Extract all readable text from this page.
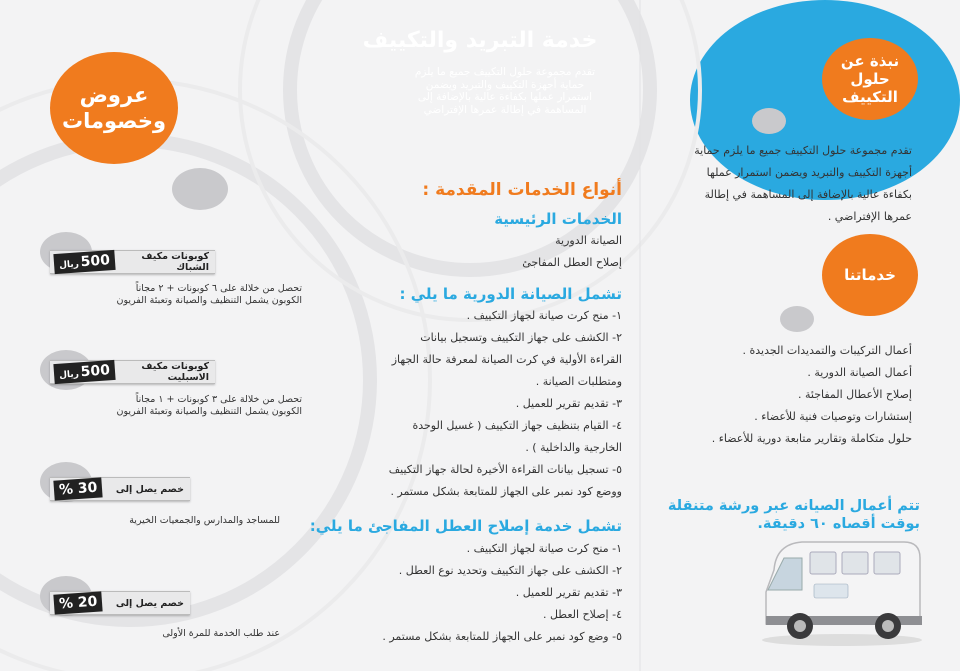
خدمة التبريد والتكييف
تقدم مجموعة حلول التكييف جميع ما يلزم حماية أجهزة التكييف والتبريد ويضمن استمرار عملها بكفاءة عالية بالإضافة إلى المساهمة في إطالة عمرها الإفتراضي
عروض
وخصومات
كوبونات مكيف الشباك
500ريال
تحصل من خلالة على ٦ كوبونات + ٢ مجاناً
الكوبون يشمل التنظيف والصيانة وتعبئة الفريون
كوبونات مكيف الاسبليت
500ريال
تحصل من خلالة على ٣ كوبونات + ١ مجاناً
الكوبون يشمل التنظيف والصيانة وتعبئة الفريون
خصم يصل إلى
30 %
للمساجد والمدارس والجمعيات الخيرية
خصم يصل إلى
20 %
عند طلب الخدمة للمرة الأولى
أنواع الخدمات المقدمة :
الخدمات الرئيسية
الصيانة الدورية
إصلاح العطل المفاجئ
تشمل الصيانة الدورية ما يلي :
١- منح كرت صيانة لجهاز التكييف .
٢- الكشف على جهاز التكييف وتسجيل بيانات
القراءة الأولية في كرت الصيانة لمعرفة حالة الجهاز
ومتطلبات الصيانة .
٣- تقديم تقرير للعميل .
٤- القيام بتنظيف جهاز التكييف ( غسيل الوحدة
الخارجية والداخلية ) .
٥- تسجيل بيانات القراءة الأخيرة لحالة جهاز التكييف
ووضع كود نمبر على الجهاز للمتابعة بشكل مستمر .
تشمل خدمة إصلاح العطل المفاجئ ما يلي:
١- منح كرت صيانة لجهاز التكييف .
٢- الكشف على جهاز التكييف وتحديد نوع العطل .
٣- تقديم تقرير للعميل .
٤- إصلاح العطل .
٥- وضع كود نمبر على الجهاز للمتابعة بشكل مستمر .
نبذة عن حلول التكييف
تقدم مجموعة حلول التكييف جميع ما يلزم حماية
أجهزة التكييف والتبريد ويضمن استمرار عملها
بكفاءة عالية بالإضافة إلى المساهمة في إطالة
عمرها الإفتراضي .
خدماتنا
أعمال التركيبات والتمديدات الجديدة .
أعمال الصيانة الدورية .
إصلاح الأعطال المفاجئة .
إستشارات وتوصيات فنية للأعضاء .
حلول متكاملة وتقارير متابعة دورية للأعضاء .
تتم أعمال الصيانه عبر ورشة متنقلة
بوقت أقصاه ٦٠ دقيقة.
